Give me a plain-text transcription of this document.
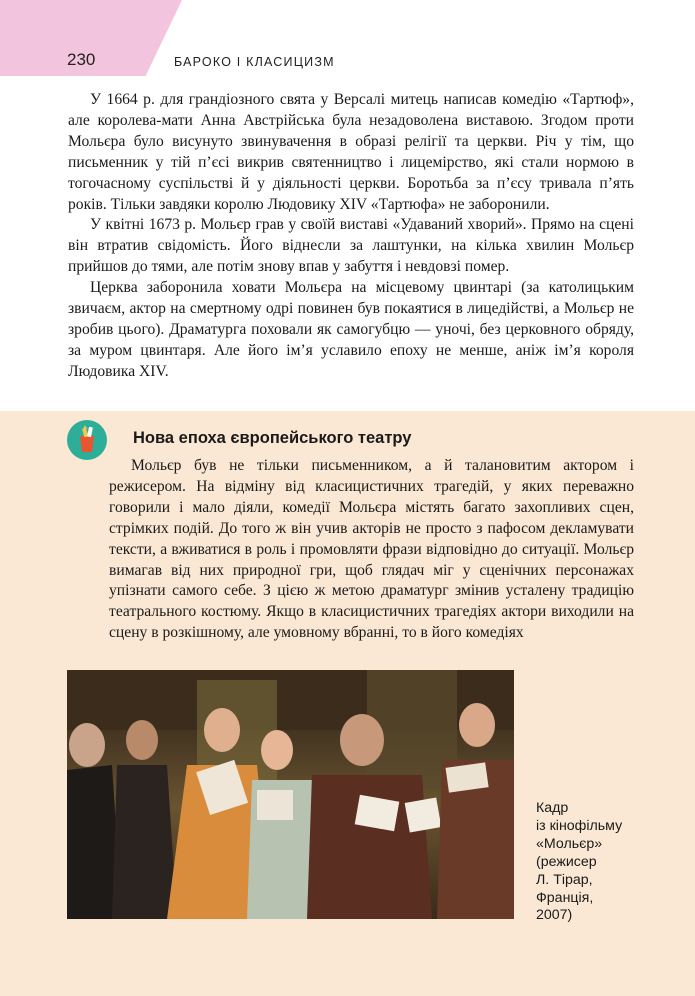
230	БАРОКО І КЛАСИЦИЗМ

У 1664 р. для грандіозного свята у Версалі митець написав комедію «Тартюф», але королева-мати Анна Австрійська була незадоволена виставою. Згодом проти Мольєра було висунуто звинувачення в образі релігії та церкви. Річ у тім, що письменник у тій п’єсі викрив святенництво і лицемірство, які стали нормою в тогочасному суспільстві й у діяльності церкви. Боротьба за п’єсу тривала п’ять років. Тільки завдяки королю Людовику XIV «Тартюфа» не заборонили.

У квітні 1673 р. Мольєр грав у своїй виставі «Удаваний хворий». Прямо на сцені він втратив свідомість. Його віднесли за лаштунки, на кілька хвилин Мольєр прийшов до тями, але потім знову впав у забуття і невдовзі помер.

Церква заборонила ховати Мольєра на місцевому цвинтарі (за католицьким звичаєм, актор на смертному одрі повинен був покаятися в лицедійстві, а Мольєр не зробив цього). Драматурга поховали як самогубцю — уночі, без церковного обряду, за муром цвинтаря. Але його ім’я уславило епоху не менше, аніж ім’я короля Людовика XIV.

Нова епоха європейського театру

Мольєр був не тільки письменником, а й талановитим актором і режисером. На відміну від класицистичних трагедій, у яких переважно говорили і мало діяли, комедії Мольєра містять багато захопливих сцен, стрімких подій. До того ж він учив акторів не просто з пафосом декламувати тексти, а вживатися в роль і промовляти фрази відповідно до ситуації. Мольєр вимагав від них природної гри, щоб глядач міг у сценічних персонажах упізнати самого себе. З цією ж метою драматург змінив усталену традицію театрального костюму. Якщо в класицистичних трагедіях актори виходили на сцену в розкішному, але умовному вбранні, то в його комедіях

Кадр
із кінофільму
«Мольєр»
(режисер
Л. Тірар,
Франція,
2007)
